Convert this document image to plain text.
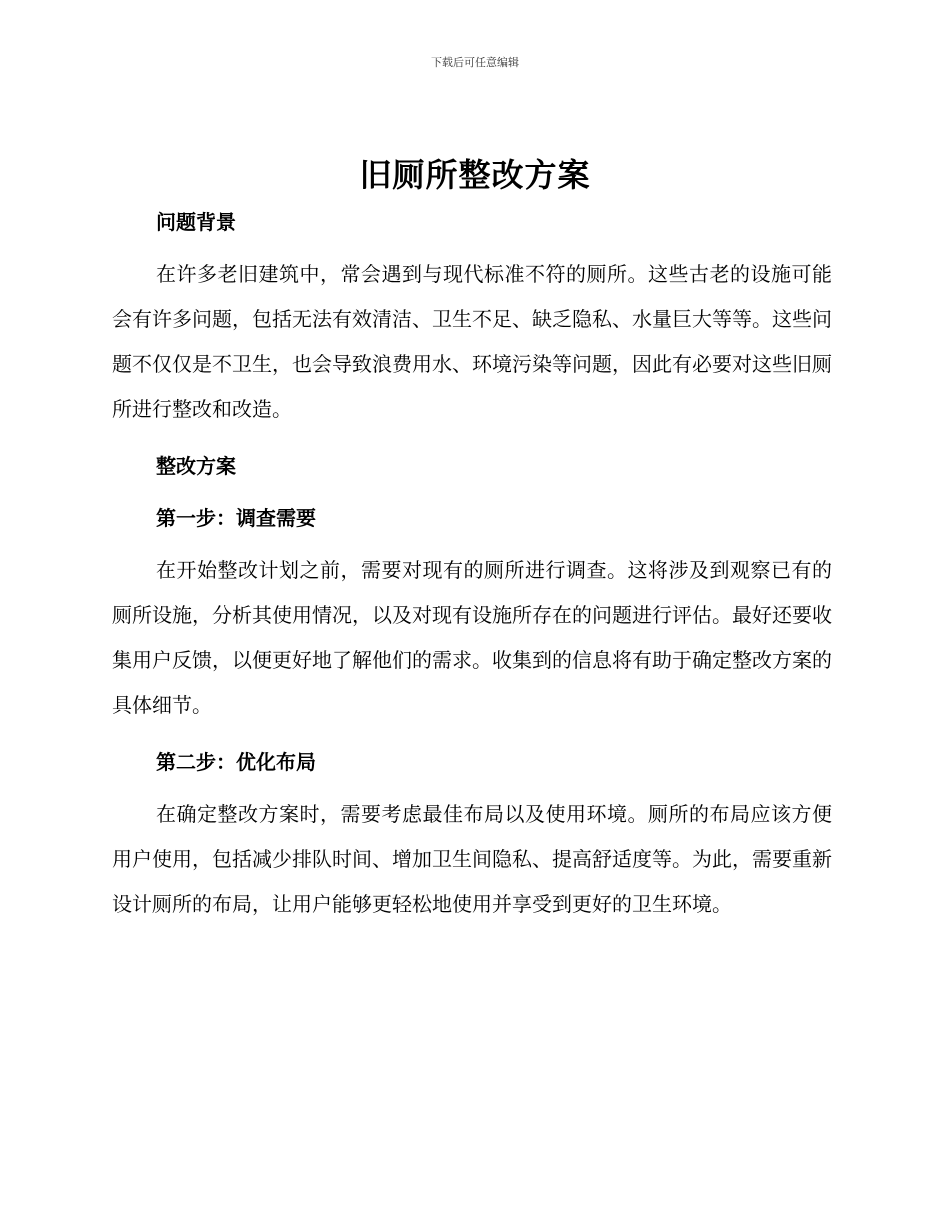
下载后可任意编辑
旧厕所整改方案
问题背景

在许多老旧建筑中，常会遇到与现代标准不符的厕所。这些古老的设施可能会有许多问题，包括无法有效清洁、卫生不足、缺乏隐私、水量巨大等等。这些问题不仅仅是不卫生，也会导致浪费用水、环境污染等问题，因此有必要对这些旧厕所进行整改和改造。

整改方案
第一步：调查需要

在开始整改计划之前，需要对现有的厕所进行调查。这将涉及到观察已有的厕所设施，分析其使用情况，以及对现有设施所存在的问题进行评估。最好还要收集用户反馈，以便更好地了解他们的需求。收集到的信息将有助于确定整改方案的具体细节。

第二步：优化布局

在确定整改方案时，需要考虑最佳布局以及使用环境。厕所的布局应该方便用户使用，包括减少排队时间、增加卫生间隐私、提高舒适度等。为此，需要重新设计厕所的布局，让用户能够更轻松地使用并享受到更好的卫生环境。
